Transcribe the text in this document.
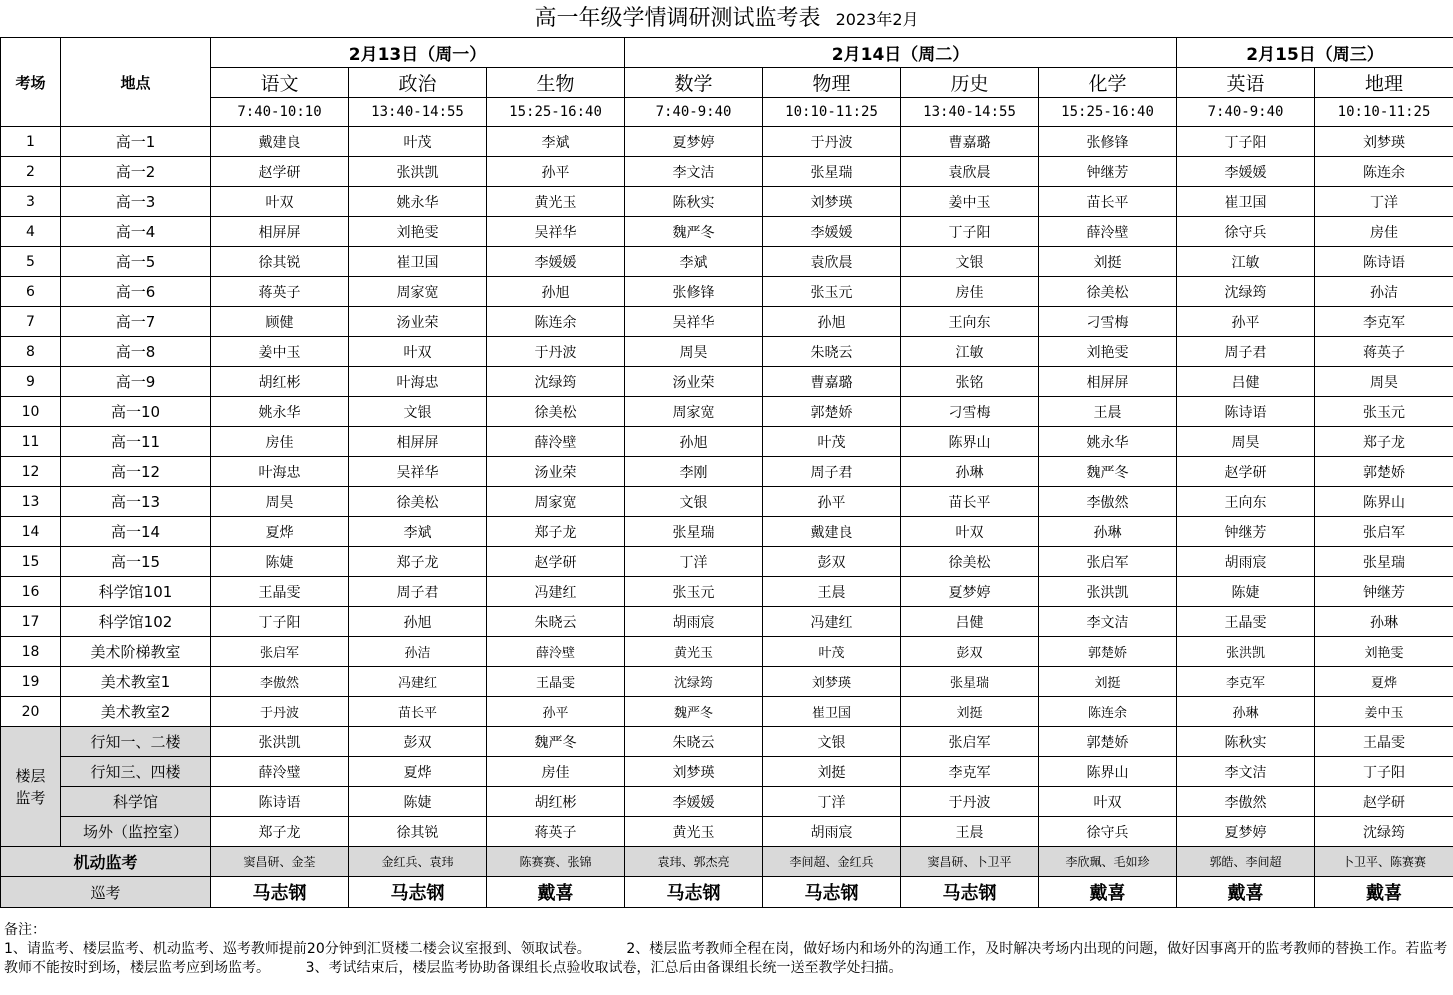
高一年级学情调研测试监考表 2023年2月
考场	地点	2月13日（周一）			2月14日（周二）				2月15日（周三）		
		语文	政治	生物	数学	物理	历史	化学	英语	地理	
		7:40-10:10	13:40-14:55	15:25-16:40	7:40-9:40	10:10-11:25	13:40-14:55	15:25-16:40	7:40-9:40	10:10-11:25	
1	高一1	戴建良	叶茂	李斌	夏梦婷	于丹波	曹嘉璐	张修锋	丁子阳	刘梦瑛	
2	高一2	赵学研	张洪凯	孙平	李文洁	张星瑞	袁欣晨	钟继芳	李媛媛	陈连余	
3	高一3	叶双	姚永华	黄光玉	陈秋实	刘梦瑛	姜中玉	苗长平	崔卫国	丁洋	
4	高一4	相屏屏	刘艳雯	吴祥华	魏严冬	李媛媛	丁子阳	薛泠壁	徐守兵	房佳	
5	高一5	徐其锐	崔卫国	李媛媛	李斌	袁欣晨	文银	刘挺	江敏	陈诗语	
6	高一6	蒋英子	周家宽	孙旭	张修锋	张玉元	房佳	徐美松	沈绿筠	孙洁	
7	高一7	顾健	汤业荣	陈连余	吴祥华	孙旭	王向东	刁雪梅	孙平	李克军	
8	高一8	姜中玉	叶双	于丹波	周昊	朱晓云	江敏	刘艳雯	周子君	蒋英子	
9	高一9	胡红彬	叶海忠	沈绿筠	汤业荣	曹嘉璐	张铭	相屏屏	吕健	周昊	
10	高一10	姚永华	文银	徐美松	周家宽	郭楚娇	刁雪梅	王晨	陈诗语	张玉元	
11	高一11	房佳	相屏屏	薛泠壁	孙旭	叶茂	陈界山	姚永华	周昊	郑子龙	
12	高一12	叶海忠	吴祥华	汤业荣	李刚	周子君	孙琳	魏严冬	赵学研	郭楚娇	
13	高一13	周昊	徐美松	周家宽	文银	孙平	苗长平	李傲然	王向东	陈界山	
14	高一14	夏烨	李斌	郑子龙	张星瑞	戴建良	叶双	孙琳	钟继芳	张启军	
15	高一15	陈婕	郑子龙	赵学研	丁洋	彭双	徐美松	张启军	胡雨宸	张星瑞	
16	科学馆101	王晶雯	周子君	冯建红	张玉元	王晨	夏梦婷	张洪凯	陈婕	钟继芳	
17	科学馆102	丁子阳	孙旭	朱晓云	胡雨宸	冯建红	吕健	李文洁	王晶雯	孙琳	
18	美术阶梯教室	张启军	孙洁	薛泠壁	黄光玉	叶茂	彭双	郭楚娇	张洪凯	刘艳雯									
19	美术教室1	李傲然	冯建红	王晶雯	沈绿筠	刘梦瑛	张星瑞	刘挺	李克军	夏烨									
20	美术教室2	于丹波	苗长平	孙平	魏严冬	崔卫国	刘挺	陈连余	孙琳	姜中玉									
楼层
监考	行知一、二楼	张洪凯	彭双	魏严冬	朱晓云	文银	张启军	郭楚娇	陈秋实	王晶雯	
	行知三、四楼	薛泠璧	夏烨	房佳	刘梦瑛	刘挺	李克军	陈界山	李文洁	丁子阳	
	科学馆	陈诗语	陈婕	胡红彬	李媛媛	丁洋	于丹波	叶双	李傲然	赵学研	
	场外（监控室）	郑子龙	徐其锐	蒋英子	黄光玉	胡雨宸	王晨	徐守兵	夏梦婷	沈绿筠	
机动监考		窦昌研、金荃	金红兵、袁玮	陈赛赛、张锦	袁玮、郭杰亮	李间超、金红兵	窦昌研、卜卫平	李欣珮、毛如珍	郭皓、李间超	卜卫平、陈赛赛	
巡考		马志钢	马志钢	戴喜	马志钢	马志钢	马志钢	戴喜	戴喜	戴喜	
备注：
1、请监考、楼层监考、机动监考、巡考教师提前20分钟到汇贤楼二楼会议室报到、领取试卷。        2、楼层监考教师全程在岗，做好场内和场外的沟通工作，及时解决考场内出现的问题，做好因事离开的监考教师的替换工作。若监考教师不能按时到场，楼层监考应到场监考。        3、考试结束后，楼层监考协助备课组长点验收取试卷，汇总后由备课组长统一送至教学处扫描。
